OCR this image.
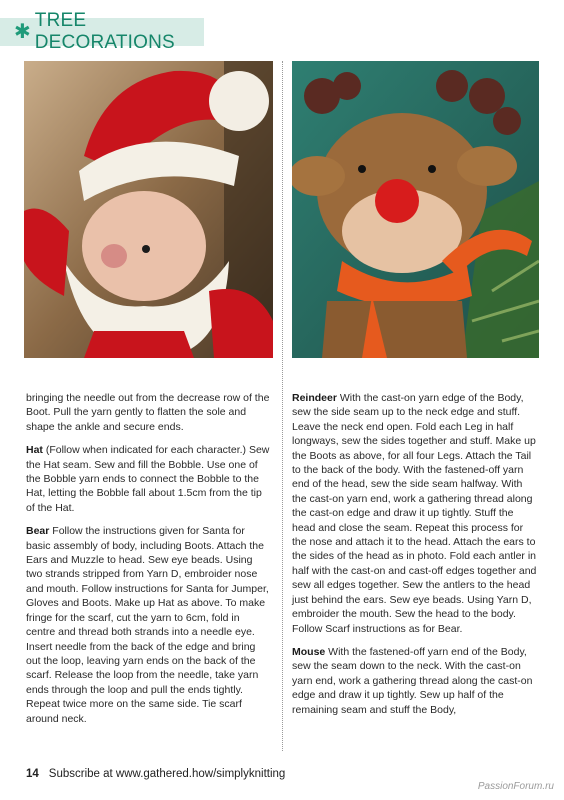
✱
TREE DECORATIONS

bringing the needle out from the decrease row of the Boot. Pull the yarn gently to flatten the sole and shape the ankle and secure ends.

Hat (Follow when indicated for each character.) Sew the Hat seam. Sew and fill the Bobble. Use one of the Bobble yarn ends to connect the Bobble to the Hat, letting the Bobble fall about 1.5cm from the tip of the Hat.

Bear Follow the instructions given for Santa for basic assembly of body, including Boots. Attach the Ears and Muzzle to head. Sew eye beads. Using two strands stripped from Yarn D, embroider nose and mouth. Follow instructions for Santa for Jumper, Gloves and Boots. Make up Hat as above. To make fringe for the scarf, cut the yarn to 6cm, fold in centre and thread both strands into a needle eye. Insert needle from the back of the edge and bring out the loop, leaving yarn ends on the back of the scarf. Release the loop from the needle, take yarn ends through the loop and pull the ends tightly. Repeat twice more on the same side. Tie scarf around neck.

Reindeer With the cast-on yarn edge of the Body, sew the side seam up to the neck edge and stuff. Leave the neck end open. Fold each Leg in half longways, sew the sides together and stuff. Make up the Boots as above, for all four Legs. Attach the Tail to the back of the body. With the fastened-off yarn end of the head, sew the side seam halfway. With the cast-on yarn end, work a gathering thread along the cast-on edge and draw it up tightly. Stuff the head and close the seam. Repeat this process for the nose and attach it to the head. Attach the ears to the sides of the head as in photo. Fold each antler in half with the cast-on and cast-off edges together and sew all edges together. Sew the antlers to the head just behind the ears. Sew eye beads. Using Yarn D, embroider the mouth. Sew the head to the body. Follow Scarf instructions as for Bear.

Mouse With the fastened-off yarn end of the Body, sew the seam down to the neck. With the cast-on yarn end, work a gathering thread along the cast-on edge and draw it up tightly. Sew up half of the remaining seam and stuff the Body,

14 Subscribe at www.gathered.how/simplyknitting
PassionForum.ru
